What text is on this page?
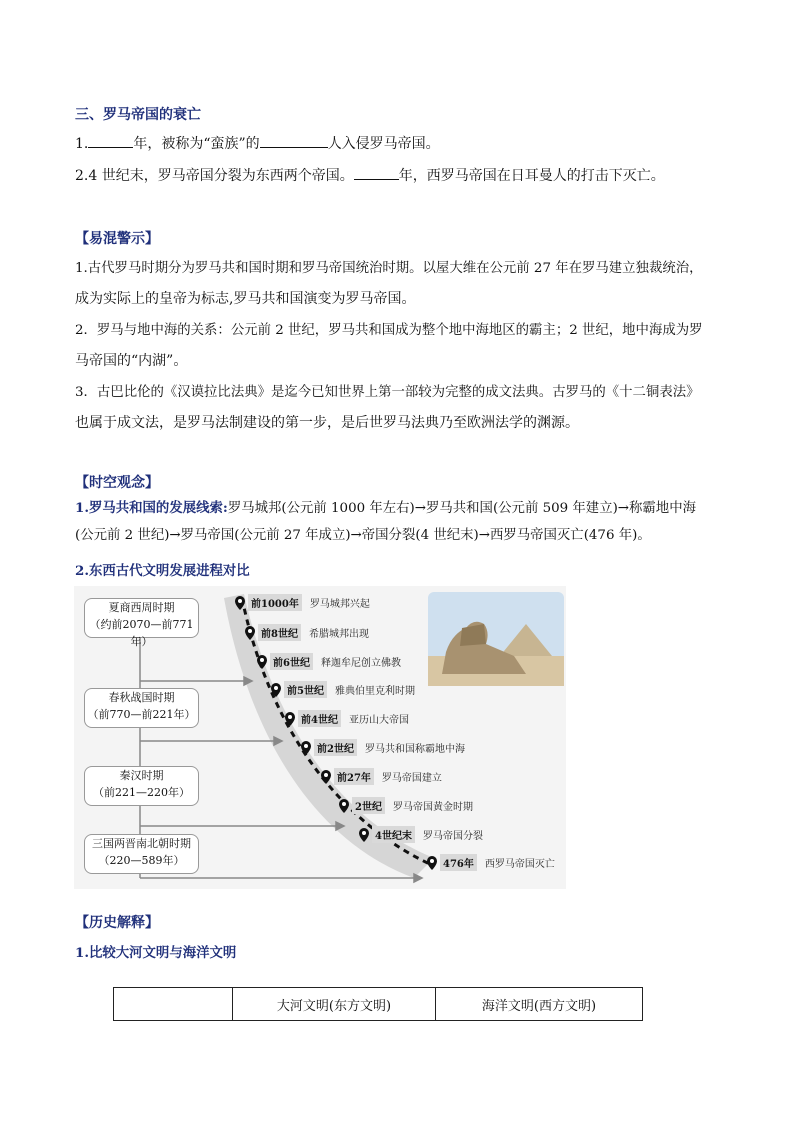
三、罗马帝国的衰亡
1.	年，被称为“蛮族”的	人入侵罗马帝国。
2.4 世纪末，罗马帝国分裂为东西两个帝国。	年，西罗马帝国在日耳曼人的打击下灭亡。
【易混警示】
1.古代罗马时期分为罗马共和国时期和罗马帝国统治时期。以屋大维在公元前 27 年在罗马建立独裁统治，
成为实际上的皇帝为标志,罗马共和国演变为罗马帝国。
2．罗马与地中海的关系：公元前 2 世纪，罗马共和国成为整个地中海地区的霸主；2 世纪，地中海成为罗
马帝国的“内湖”。
3．古巴比伦的《汉谟拉比法典》是迄今已知世界上第一部较为完整的成文法典。古罗马的《十二铜表法》
也属于成文法，是罗马法制建设的第一步，是后世罗马法典乃至欧洲法学的渊源。
【时空观念】
1.罗马共和国的发展线索:罗马城邦(公元前 1000 年左右)→罗马共和国(公元前 509 年建立)→称霸地中海
(公元前 2 世纪)→罗马帝国(公元前 27 年成立)→帝国分裂(4 世纪末)→西罗马帝国灭亡(476 年)。
2.东西古代文明发展进程对比
夏商西周时期
（约前2070—前771年）
春秋战国时期
（前770—前221年）
秦汉时期
（前221—220年）
三国两晋南北朝时期
（220—589年）
前1000年	罗马城邦兴起
前8世纪	希腊城邦出现
前6世纪	释迦牟尼创立佛教
前5世纪	雅典伯里克利时期
前4世纪	亚历山大帝国
前2世纪	罗马共和国称霸地中海
前27年	罗马帝国建立
2世纪	罗马帝国黄金时期
4世纪末	罗马帝国分裂
476年	西罗马帝国灭亡
【历史解释】
1.比较大河文明与海洋文明
	大河文明(东方文明)	海洋文明(西方文明)
